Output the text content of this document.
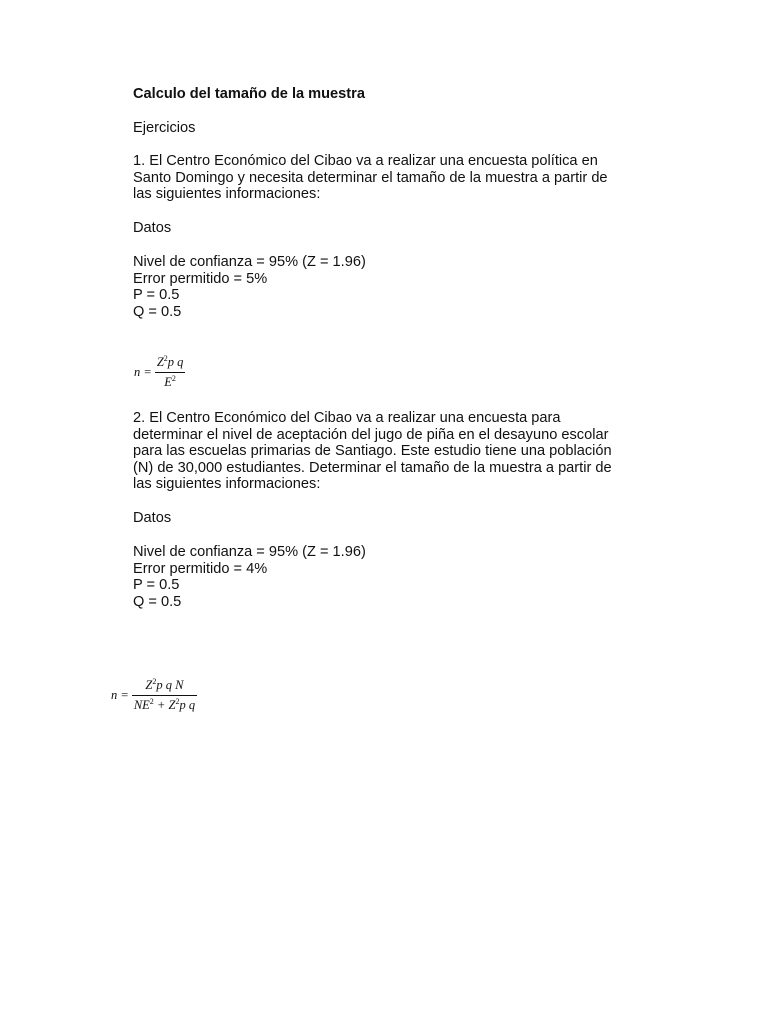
Calculo del tamaño de la muestra
Ejercicios
1. El Centro Económico del Cibao va a realizar una encuesta política en
Santo Domingo y necesita determinar el tamaño de la muestra a partir de
las siguientes informaciones:
Datos
Nivel de confianza = 95% (Z = 1.96)
Error permitido = 5%
P = 0.5
Q = 0.5
$n = \frac{Z^2p q}{E^2}$
2. El Centro Económico del Cibao va a realizar una encuesta para
determinar el nivel de aceptación del jugo de piña en el desayuno escolar
para las escuelas primarias de Santiago. Este estudio tiene una población
(N) de 30,000 estudiantes. Determinar el tamaño de la muestra a partir de
las siguientes informaciones:
Datos
Nivel de confianza = 95% (Z = 1.96)
Error permitido = 4%
P = 0.5
Q = 0.5
$n = \frac{Z^2p q N}{NE^2 + Z^2p q}$
